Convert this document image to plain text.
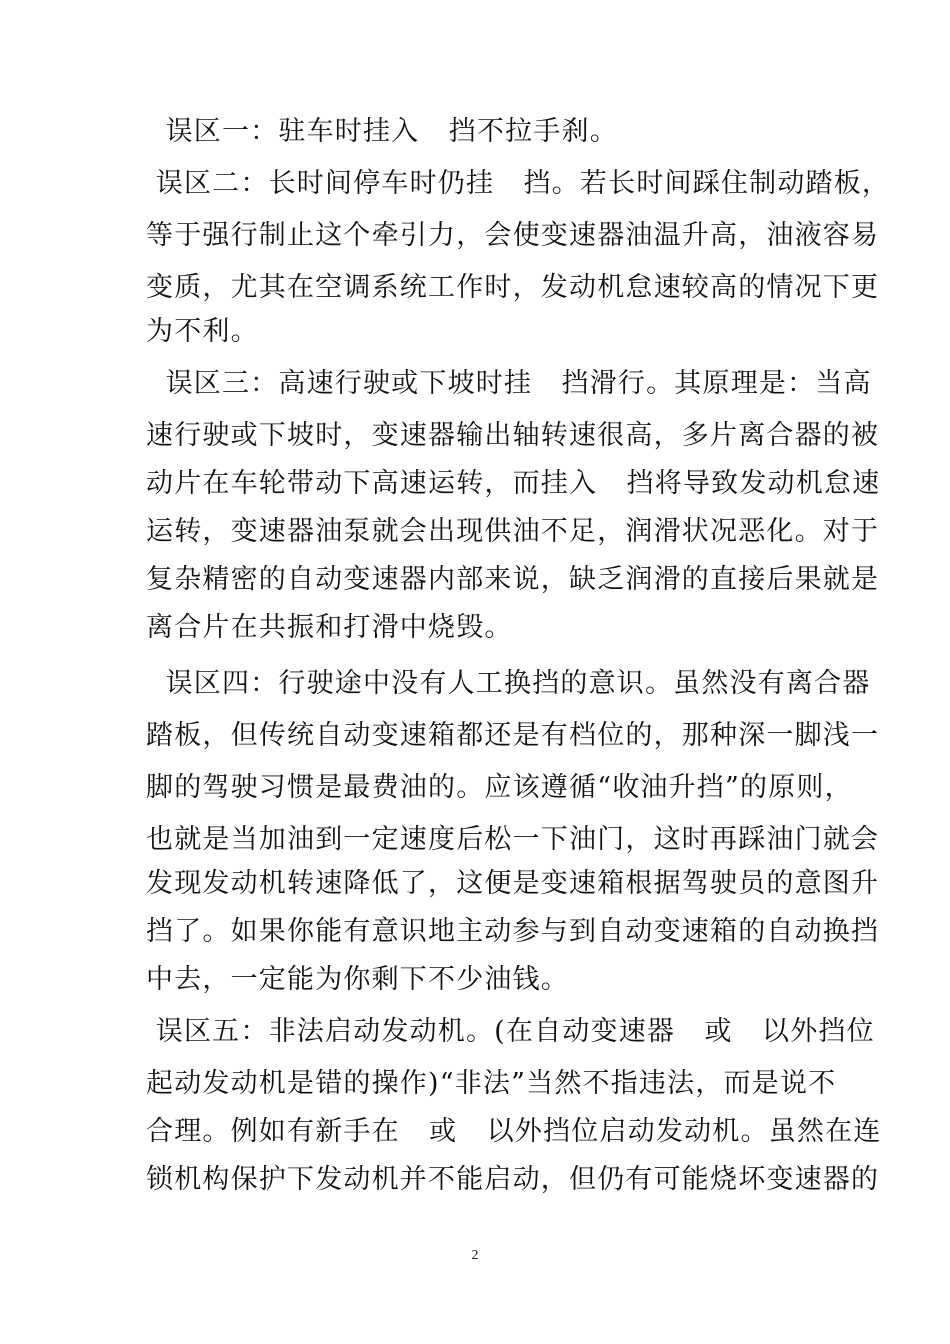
误区一：驻车时挂入   挡不拉手刹。
误区二：长时间停车时仍挂   挡。若长时间踩住制动踏板，
等于强行制止这个牵引力，会使变速器油温升高，油液容易
变质，尤其在空调系统工作时，发动机怠速较高的情况下更
为不利。
误区三：高速行驶或下坡时挂   挡滑行。其原理是：当高
速行驶或下坡时，变速器输出轴转速很高，多片离合器的被
动片在车轮带动下高速运转，而挂入   挡将导致发动机怠速
运转，变速器油泵就会出现供油不足，润滑状况恶化。对于
复杂精密的自动变速器内部来说，缺乏润滑的直接后果就是
离合片在共振和打滑中烧毁。
误区四：行驶途中没有人工换挡的意识。虽然没有离合器
踏板，但传统自动变速箱都还是有档位的，那种深一脚浅一
脚的驾驶习惯是最费油的。应该遵循“收油升挡”的原则，
也就是当加油到一定速度后松一下油门，这时再踩油门就会
发现发动机转速降低了，这便是变速箱根据驾驶员的意图升
挡了。如果你能有意识地主动参与到自动变速箱的自动换挡
中去，一定能为你剩下不少油钱。
误区五：非法启动发动机。(在自动变速器   或   以外挡位
起动发动机是错的操作)“非法”当然不指违法，而是说不
合理。例如有新手在   或   以外挡位启动发动机。虽然在连
锁机构保护下发动机并不能启动，但仍有可能烧坏变速器的
2
